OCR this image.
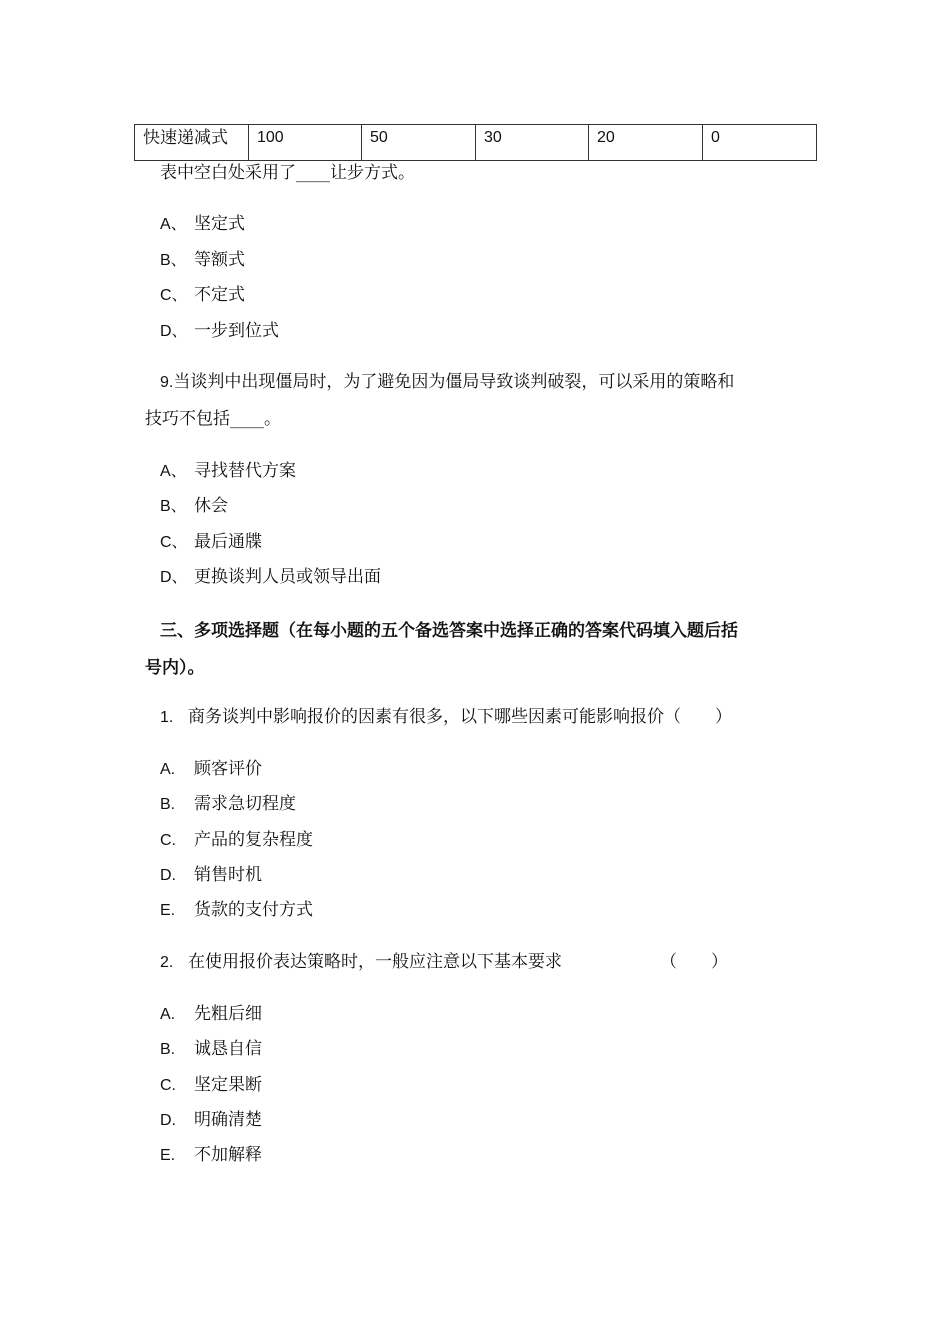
快速递减式	100	50	30	20	0
表中空白处采用了____让步方式。
A、 坚定式
B、 等额式
C、 不定式
D、 一步到位式
9.当谈判中出现僵局时，为了避免因为僵局导致谈判破裂，可以采用的策略和
技巧不包括____。
A、 寻找替代方案
B、 休会
C、 最后通牒
D、 更换谈判人员或领导出面
三、多项选择题（在每小题的五个备选答案中选择正确的答案代码填入题后括
号内）。
1. 商务谈判中影响报价的因素有很多，以下哪些因素可能影响报价（　　）
A. 顾客评价
B. 需求急切程度
C. 产品的复杂程度
D. 销售时机
E. 货款的支付方式
2. 在使用报价表达策略时，一般应注意以下基本要求	（　　）
A. 先粗后细
B. 诚恳自信
C. 坚定果断
D. 明确清楚
E. 不加解释
